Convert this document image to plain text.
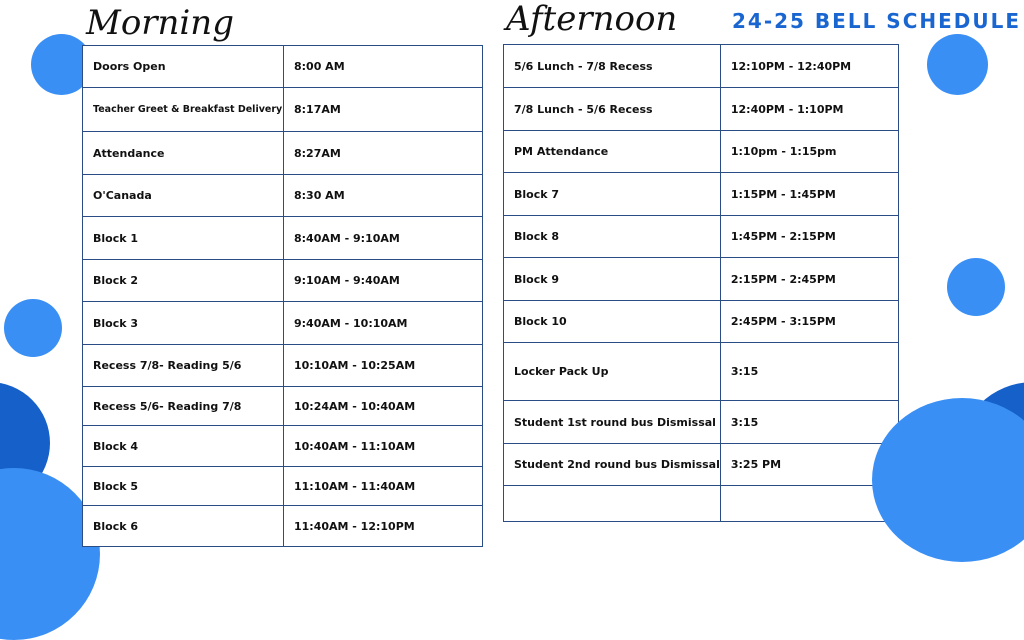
Morning	Afternoon	24-25 BELL SCHEDULE
Doors Open	8:00 AM
Teacher Greet & Breakfast Delivery	8:17AM
Attendance	8:27AM
O'Canada	8:30 AM
Block 1	8:40AM - 9:10AM
Block 2	9:10AM - 9:40AM
Block 3	9:40AM - 10:10AM
Recess 7/8- Reading 5/6	10:10AM - 10:25AM
Recess 5/6- Reading 7/8	10:24AM - 10:40AM
Block 4	10:40AM - 11:10AM
Block 5	11:10AM - 11:40AM
Block 6	11:40AM - 12:10PM
5/6 Lunch - 7/8 Recess	12:10PM - 12:40PM
7/8 Lunch - 5/6 Recess	12:40PM - 1:10PM
PM Attendance	1:10pm - 1:15pm
Block 7	1:15PM - 1:45PM
Block 8	1:45PM - 2:15PM
Block 9	2:15PM - 2:45PM
Block 10	2:45PM - 3:15PM
Locker Pack Up	3:15
Student 1st round bus Dismissal	3:15
Student 2nd round bus Dismissal	3:25 PM
